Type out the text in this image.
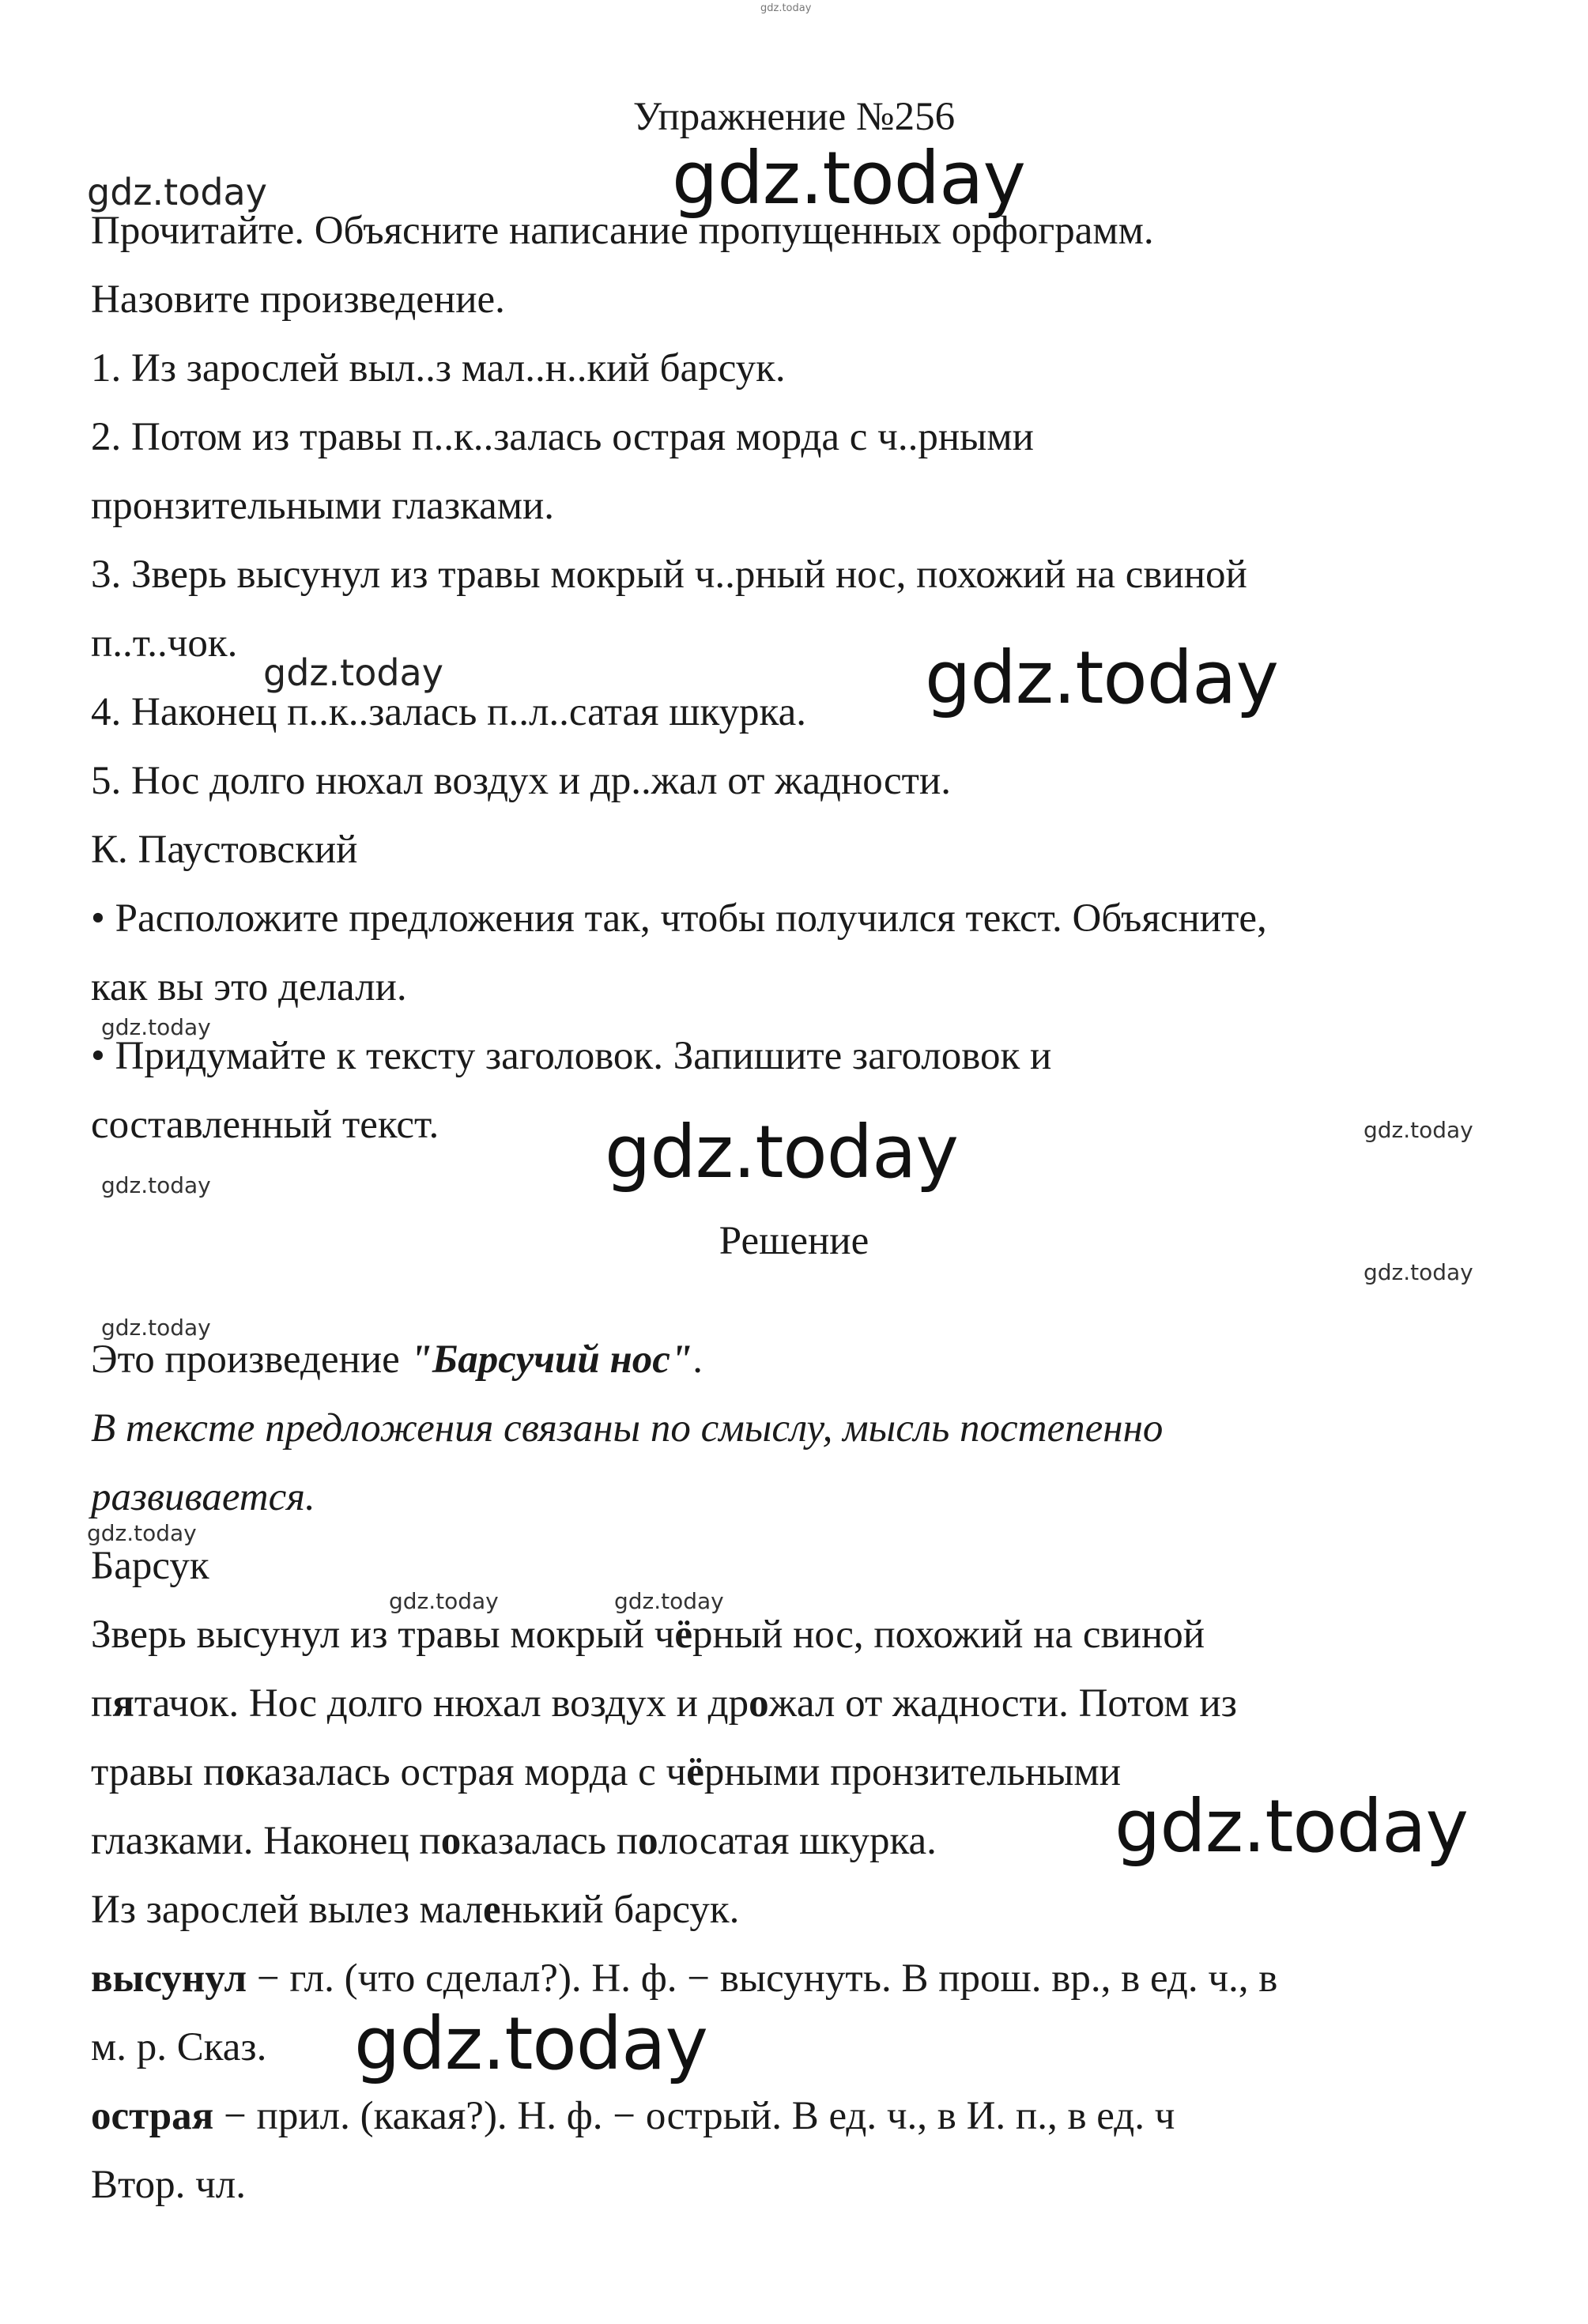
Упражнение №256

Прочитайте. Объясните написание пропущенных орфограмм.

Назовите произведение.

1. Из зарослей выл..з мал..н..кий барсук.

2. Потом из травы п..к..залась острая морда с ч..рными

пронзительными глазками.

3. Зверь высунул из травы мокрый ч..рный нос, похожий на свиной

п..т..чок.

4. Наконец п..к..залась п..л..сатая шкурка.

5. Нос долго нюхал воздух и др..жал от жадности.

К. Паустовский

• Расположите предложения так, чтобы получился текст. Объясните,

как вы это делали.

• Придумайте к тексту заголовок. Запишите заголовок и

составленный текст.

Решение

Это произведение "Барсучий нос".

В тексте предложения связаны по смыслу, мысль постепенно

развивается.

Барсук

Зверь высунул из травы мокрый чёрный нос, похожий на свиной

пятачок. Нос долго нюхал воздух и дрожал от жадности. Потом из

травы показалась острая морда с чёрными пронзительными

глазками. Наконец показалась полосатая шкурка.

Из зарослей вылез маленький барсук.

высунул − гл. (что сделал?). Н. ф. − высунуть. В прош. вр., в ед. ч., в

м. р. Сказ.

острая − прил. (какая?). Н. ф. − острый. В ед. ч., в И. п., в ед. ч

Втор. чл.

gdz.today
gdz.today	gdz.today
gdz.today	gdz.today
gdz.today
gdz.today	gdz.today
gdz.today
gdz.today
gdz.today
gdz.today
gdz.today	gdz.today
gdz.today
gdz.today
